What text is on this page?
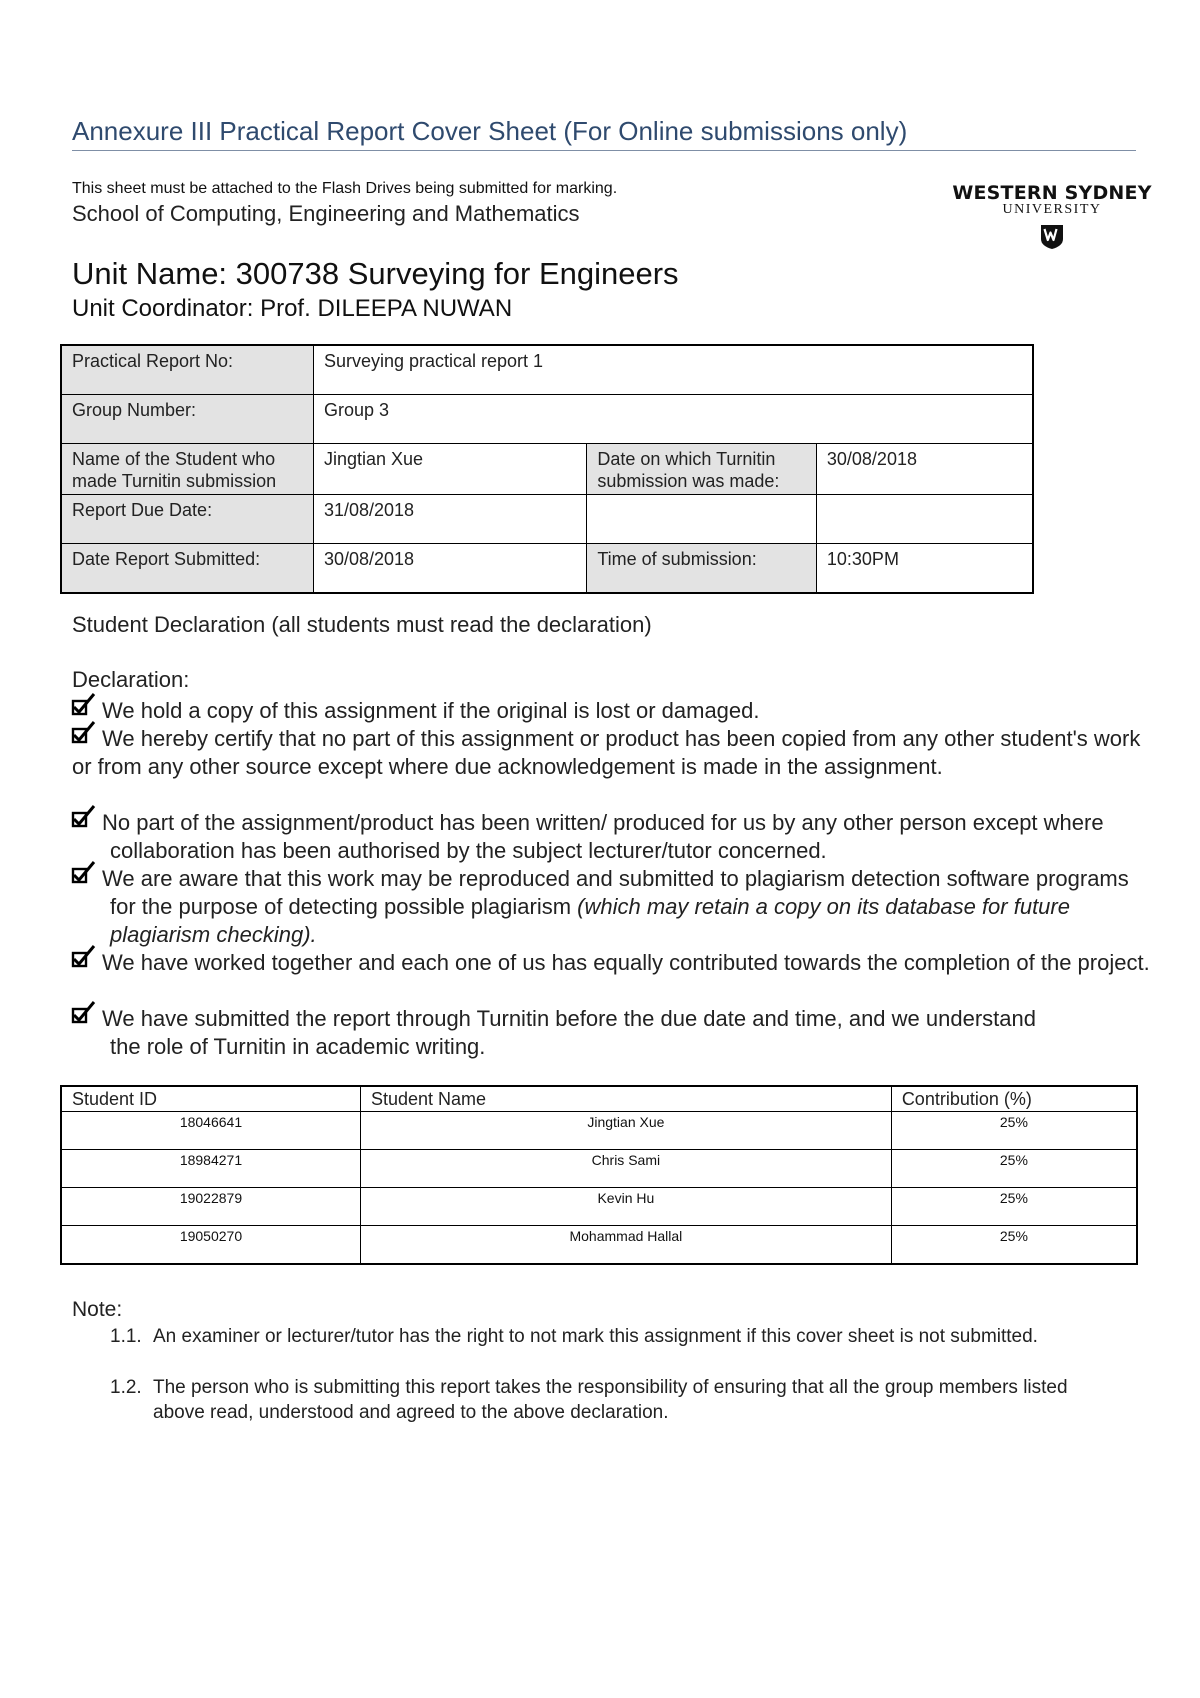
Annexure III Practical Report Cover Sheet (For Online submissions only)
This sheet must be attached to the Flash Drives being submitted for marking.
School of Computing, Engineering and Mathematics
WESTERN SYDNEY
UNIVERSITY
Unit Name: 300738 Surveying for Engineers
Unit Coordinator: Prof. DILEEPA NUWAN
Practical Report No:	Surveying practical report 1		
Group Number:	Group 3		
Name of the Student who made Turnitin submission	Jingtian Xue	Date on which Turnitin submission was made:	30/08/2018
Report Due Date:	31/08/2018		
Date Report Submitted:	30/08/2018	Time of submission:	10:30PM
Student Declaration (all students must read the declaration)
Declaration:
We hold a copy of this assignment if the original is lost or damaged.
We hereby certify that no part of this assignment or product has been copied from any other student's work or from any other source except where due acknowledgement is made in the assignment.
No part of the assignment/product has been written/ produced for us by any other person except where collaboration has been authorised by the subject lecturer/tutor concerned.
We are aware that this work may be reproduced and submitted to plagiarism detection software programs for the purpose of detecting possible plagiarism (which may retain a copy on its database for future plagiarism checking).
We have worked together and each one of us has equally contributed towards the completion of the project.
We have submitted the report through Turnitin before the due date and time, and we understand the role of Turnitin in academic writing.
Student ID	Student Name	Contribution (%)
18046641	Jingtian Xue	25%
18984271	Chris Sami	25%
19022879	Kevin Hu	25%
19050270	Mohammad Hallal	25%
Note:
1.1. An examiner or lecturer/tutor has the right to not mark this assignment if this cover sheet is not submitted.
1.2. The person who is submitting this report takes the responsibility of ensuring that all the group members listed above read, understood and agreed to the above declaration.
